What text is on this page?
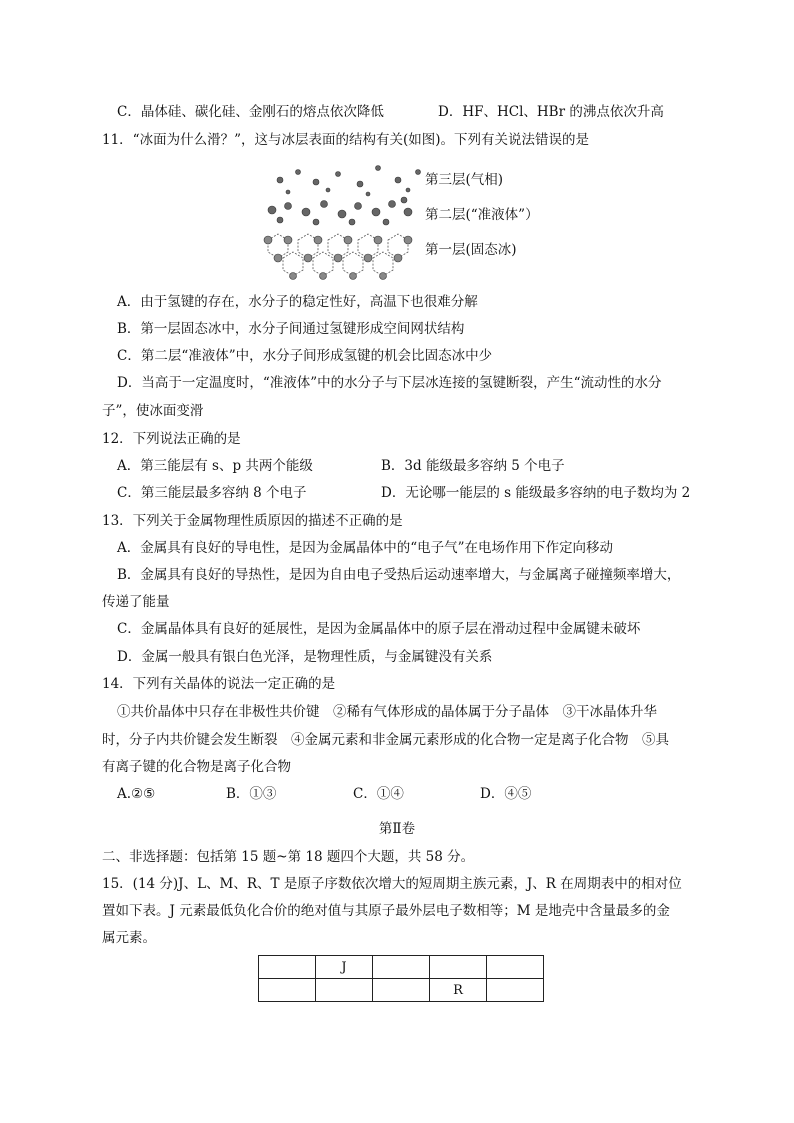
C．晶体硅、碳化硅、金刚石的熔点依次降低	D．HF、HCl、HBr 的沸点依次升高
11．“冰面为什么滑？”，这与冰层表面的结构有关(如图)。下列有关说法错误的是
第三层(气相)
第二层(“准液体”）
第一层(固态冰)
A．由于氢键的存在，水分子的稳定性好，高温下也很难分解
B．第一层固态冰中，水分子间通过氢键形成空间网状结构
C．第二层“准液体”中，水分子间形成氢键的机会比固态冰中少
D．当高于一定温度时，“准液体”中的水分子与下层冰连接的氢键断裂，产生“流动性的水分
子”，使冰面变滑
12．下列说法正确的是
A．第三能层有 s、p 共两个能级	B．3d 能级最多容纳 5 个电子
C．第三能层最多容纳 8 个电子	D．无论哪一能层的 s 能级最多容纳的电子数均为 2
13．下列关于金属物理性质原因的描述不正确的是
A．金属具有良好的导电性，是因为金属晶体中的“电子气”在电场作用下作定向移动
B．金属具有良好的导热性，是因为自由电子受热后运动速率增大，与金属离子碰撞频率增大，
传递了能量
C．金属晶体具有良好的延展性，是因为金属晶体中的原子层在滑动过程中金属键未破坏
D．金属一般具有银白色光泽，是物理性质，与金属键没有关系
14．下列有关晶体的说法一定正确的是
①共价晶体中只存在非极性共价键　②稀有气体形成的晶体属于分子晶体　③干冰晶体升华
时，分子内共价键会发生断裂　④金属元素和非金属元素形成的化合物一定是离子化合物　⑤具
有离子键的化合物是离子化合物
A.②⑤	B．①③	C．①④	D．④⑤
第Ⅱ卷
二、非选择题：包括第 15 题~第 18 题四个大题，共 58 分。
15．(14 分)J、L、M、R、T 是原子序数依次增大的短周期主族元素，J、R 在周期表中的相对位
置如下表。J 元素最低负化合价的绝对值与其原子最外层电子数相等；M 是地壳中含量最多的金
属元素。
	J			
			R	
